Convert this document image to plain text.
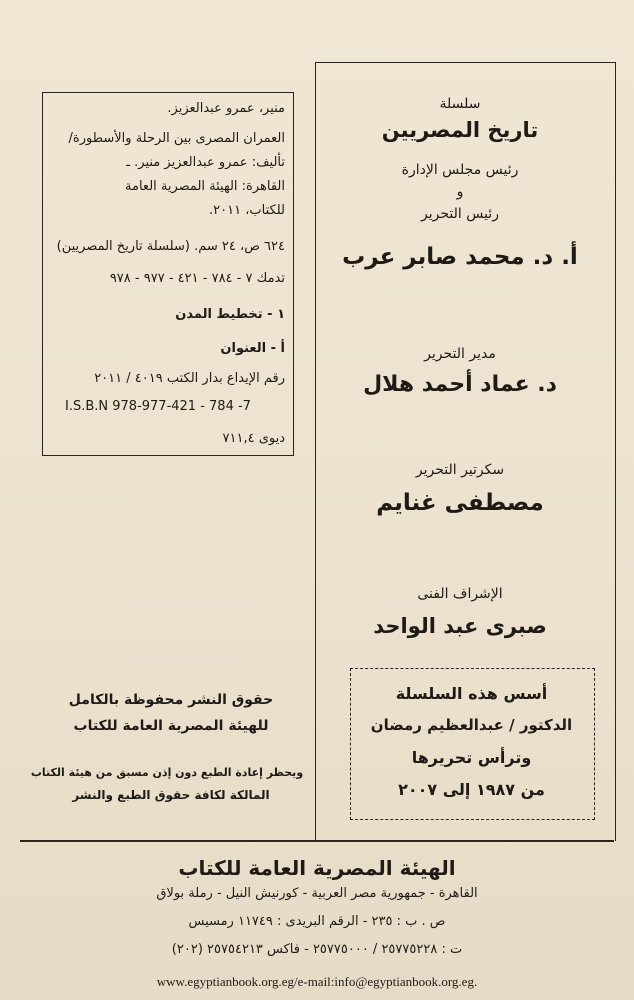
سلسلة
تاريخ المصريين
رئيس مجلس الإدارة
و
رئيس التحرير
أ. د. محمد صابر عرب
مدير التحرير
د. عماد أحمد هلال
سكرتير التحرير
مصطفى غنايم
الإشراف الفنى
صبرى عبد الواحد
أسس هذه السلسلة
الدكتور / عبدالعظيم رمضان
وترأس تحريرها
من ١٩٨٧ إلى ٢٠٠٧
منير، عمرو عبدالعزيز.
العمران المصرى بين الرحلة والأسطورة/
تأليف: عمرو عبدالعزيز منير. ـ
القاهرة: الهيئة المصرية العامة
للكتاب، ٢٠١١.
٦٢٤ ص، ٢٤ سم. (سلسلة تاريخ المصريين)
تدمك ٧ - ٧٨٤ - ٤٢١ - ٩٧٧ - ٩٧٨
١ - تخطيط المدن
أ - العنوان
رقم الإيداع بدار الكتب ٤٠١٩ / ٢٠١١
I.S.B.N 978-977-421 - 784 -7
ديوى ٧١١,٤
حقوق النشر محفوظة بالكامل
للهيئة المصرية العامة للكتاب
ويحظر إعادة الطبع دون إذن مسبق من هيئة الكتاب
المالكة لكافة حقوق الطبع والنشر
الهيئة المصرية العامة للكتاب
القاهرة - جمهورية مصر العربية - كورنيش النيل - رملة بولاق
ص . ب : ٢٣٥ - الرقم البريدى : ١١٧٤٩ رمسيس
ت : ٢٥٧٧٥٢٢٨ / ٢٥٧٧٥٠٠٠ - فاكس ٢٥٧٥٤٢١٣ (٢٠٢)
www.egyptianbook.org.eg/e-mail:info@egyptianbook.org.eg.
